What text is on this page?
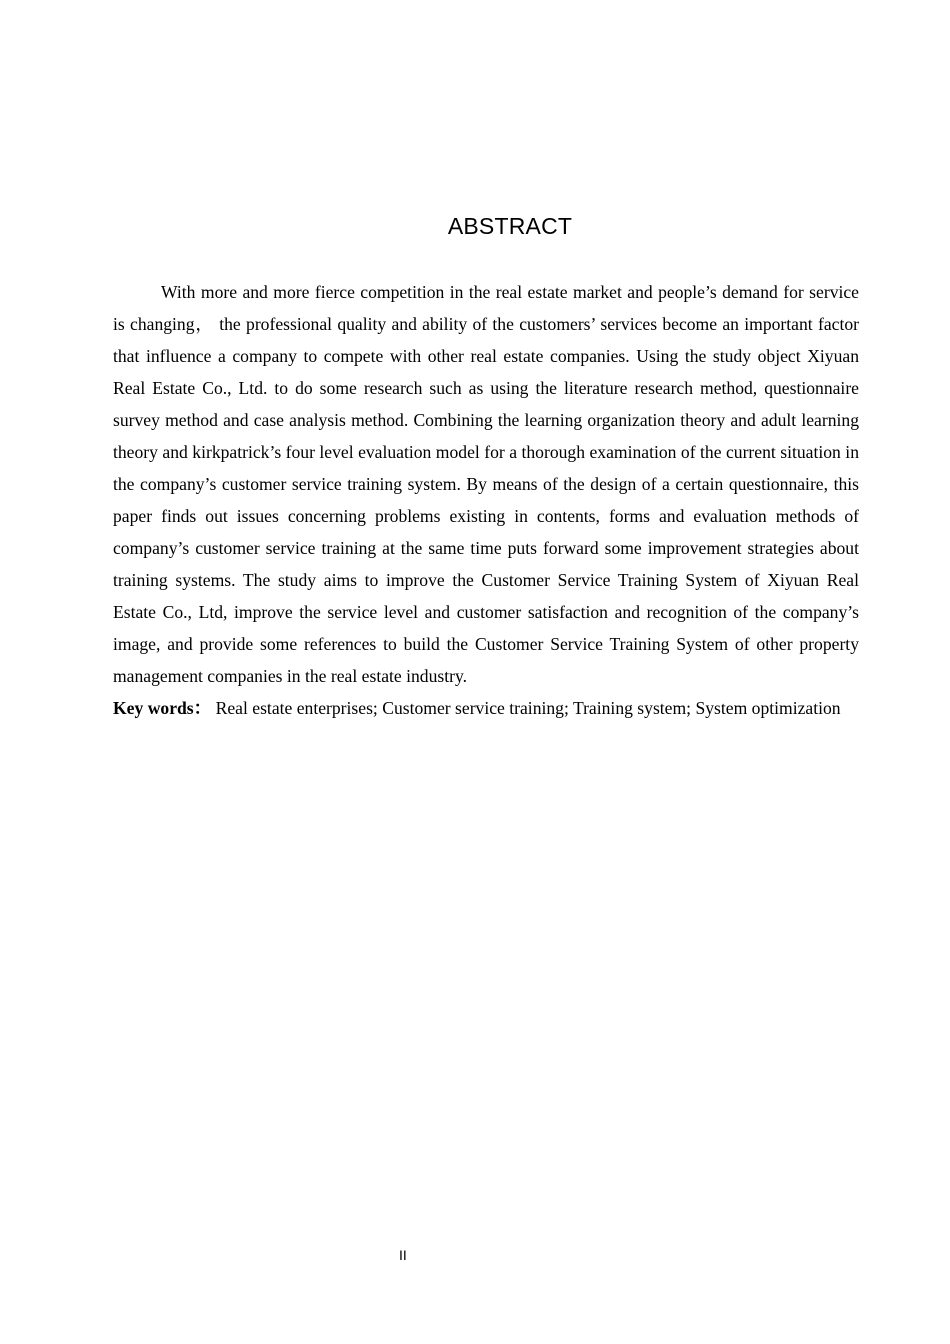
ABSTRACT

With more and more fierce competition in the real estate market and people’s demand for service is changing， the professional quality and ability of the customers’ services become an important factor that influence a company to compete with other real estate companies. Using the study object Xiyuan Real Estate Co., Ltd. to do some research such as using the literature research method, questionnaire survey method and case analysis method. Combining the learning organization theory and adult learning theory and kirkpatrick’s four level evaluation model for a thorough examination of the current situation in the company’s customer service training system. By means of the design of a certain questionnaire, this paper finds out issues concerning problems existing in contents, forms and evaluation methods of company’s customer service training at the same time puts forward some improvement strategies about training systems. The study aims to improve the Customer Service Training System of Xiyuan Real Estate Co., Ltd, improve the service level and customer satisfaction and recognition of the company’s image, and provide some references to build the Customer Service Training System of other property management companies in the real estate industry.

Key words： Real estate enterprises; Customer service training; Training system; System optimization

II
